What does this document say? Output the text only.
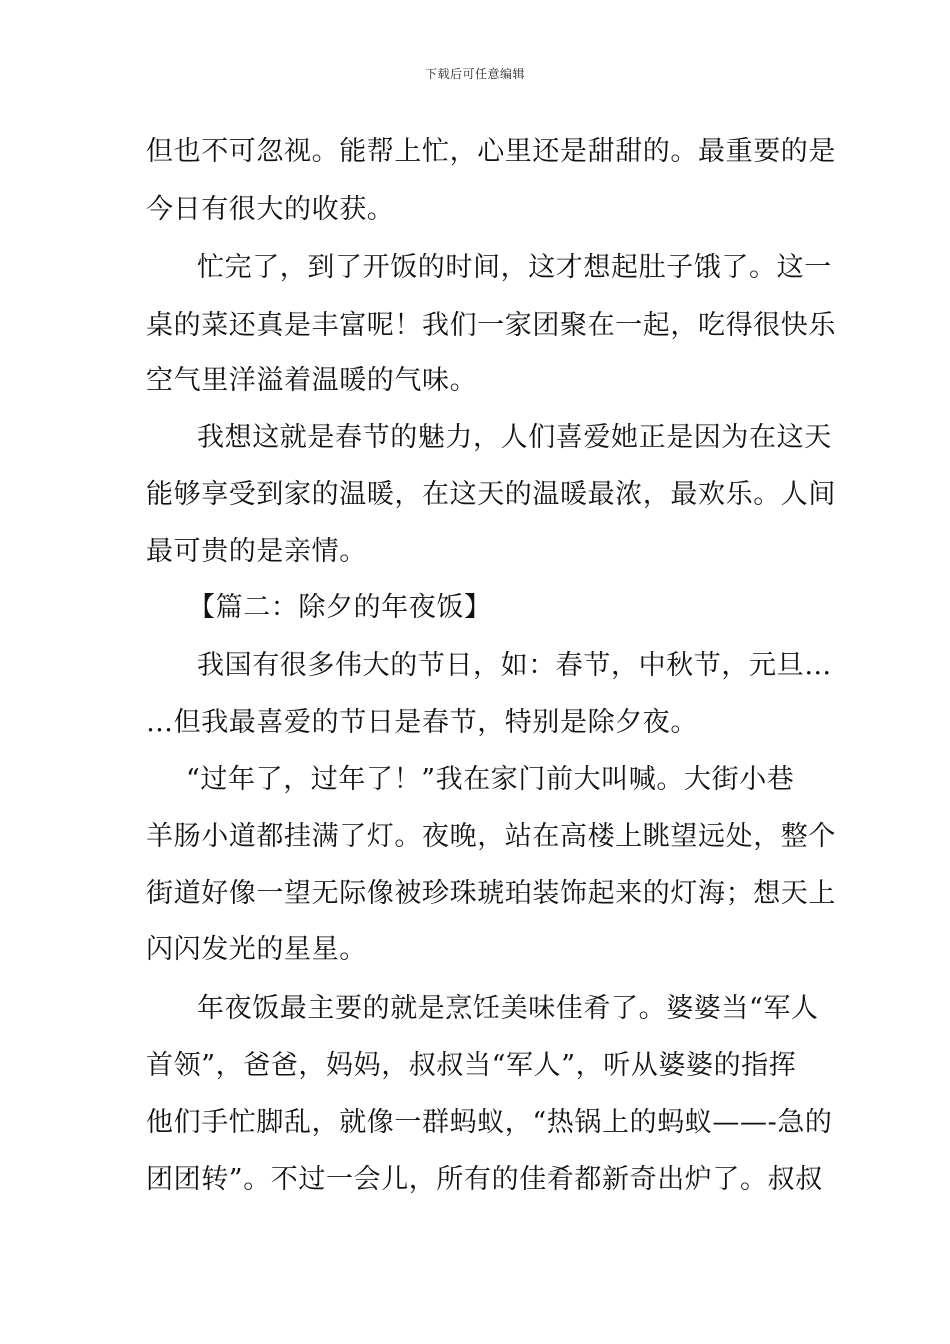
下载后可任意编辑
但也不可忽视。能帮上忙，心里还是甜甜的。最重要的是
今日有很大的收获。
忙完了，到了开饭的时间，这才想起肚子饿了。这一
桌的菜还真是丰富呢！我们一家团聚在一起，吃得很快乐
空气里洋溢着温暖的气味。
我想这就是春节的魅力，人们喜爱她正是因为在这天
能够享受到家的温暖，在这天的温暖最浓，最欢乐。人间
最可贵的是亲情。
【篇二：除夕的年夜饭】
我国有很多伟大的节日，如：春节，中秋节，元旦…
…但我最喜爱的节日是春节，特别是除夕夜。
“过年了，过年了！”我在家门前大叫喊。大街小巷
羊肠小道都挂满了灯。夜晚，站在高楼上眺望远处，整个
街道好像一望无际像被珍珠琥珀装饰起来的灯海；想天上
闪闪发光的星星。
年夜饭最主要的就是烹饪美味佳肴了。婆婆当“军人
首领”，爸爸，妈妈，叔叔当“军人”，听从婆婆的指挥
他们手忙脚乱，就像一群蚂蚁，“热锅上的蚂蚁——-急的
团团转”。不过一会儿，所有的佳肴都新奇出炉了。叔叔
